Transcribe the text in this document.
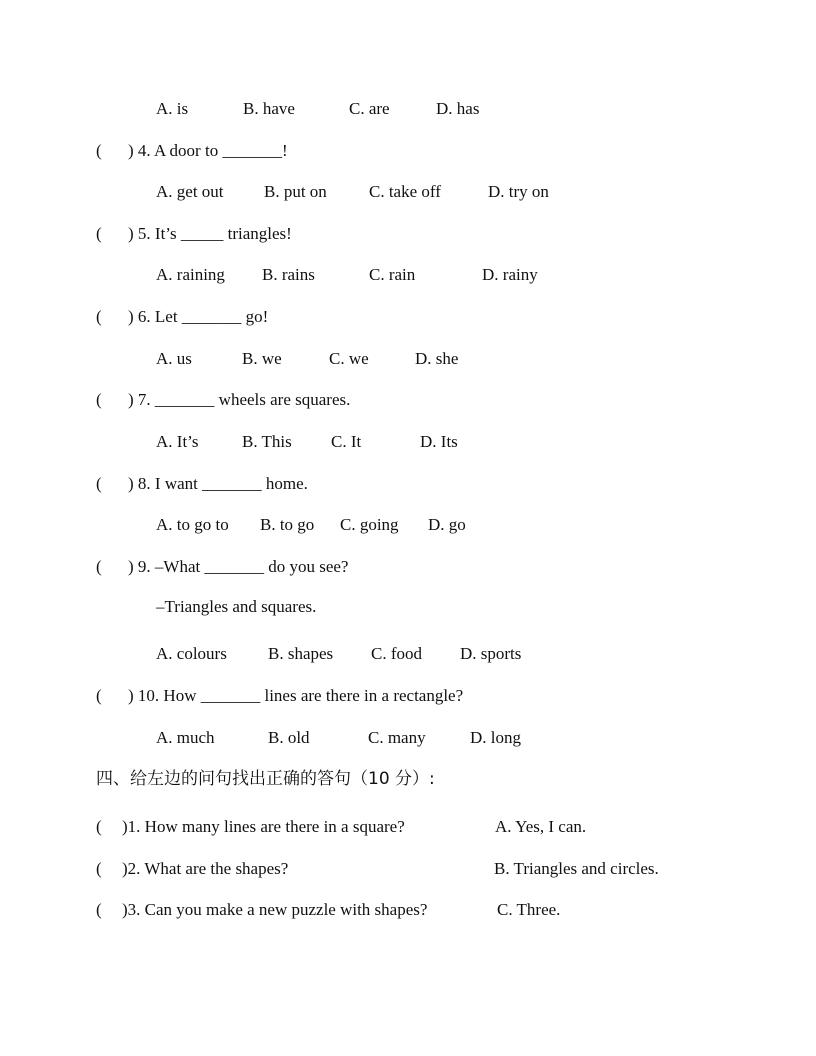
A. is	B. have	C. are	D. has
( ) 4. A door to _______!
A. get out B. put on C. take off	D. try on
( ) 5. It’s _____ triangles!
A. raining B. rains	C. rain	D. rainy
( ) 6. Let _______ go!
A. us	B. we	C. we	D. she
( ) 7. _______ wheels are squares.
A. It’s	B. This C. It	D. Its
( ) 8. I want _______ home.
A. to go to B. to go C. going D. go
( ) 9. –What _______ do you see?
–Triangles and squares.
A. colours B. shapes C. food D. sports
( ) 10. How _______ lines are there in a rectangle?
A. much	B. old	C. many	D. long
四、给左边的问句找出正确的答句（10 分）:
( )1. How many lines are there in a square?	A. Yes, I can.
( )2. What are the shapes?	B. Triangles and circles.
( )3. Can you make a new puzzle with shapes?	C. Three.
